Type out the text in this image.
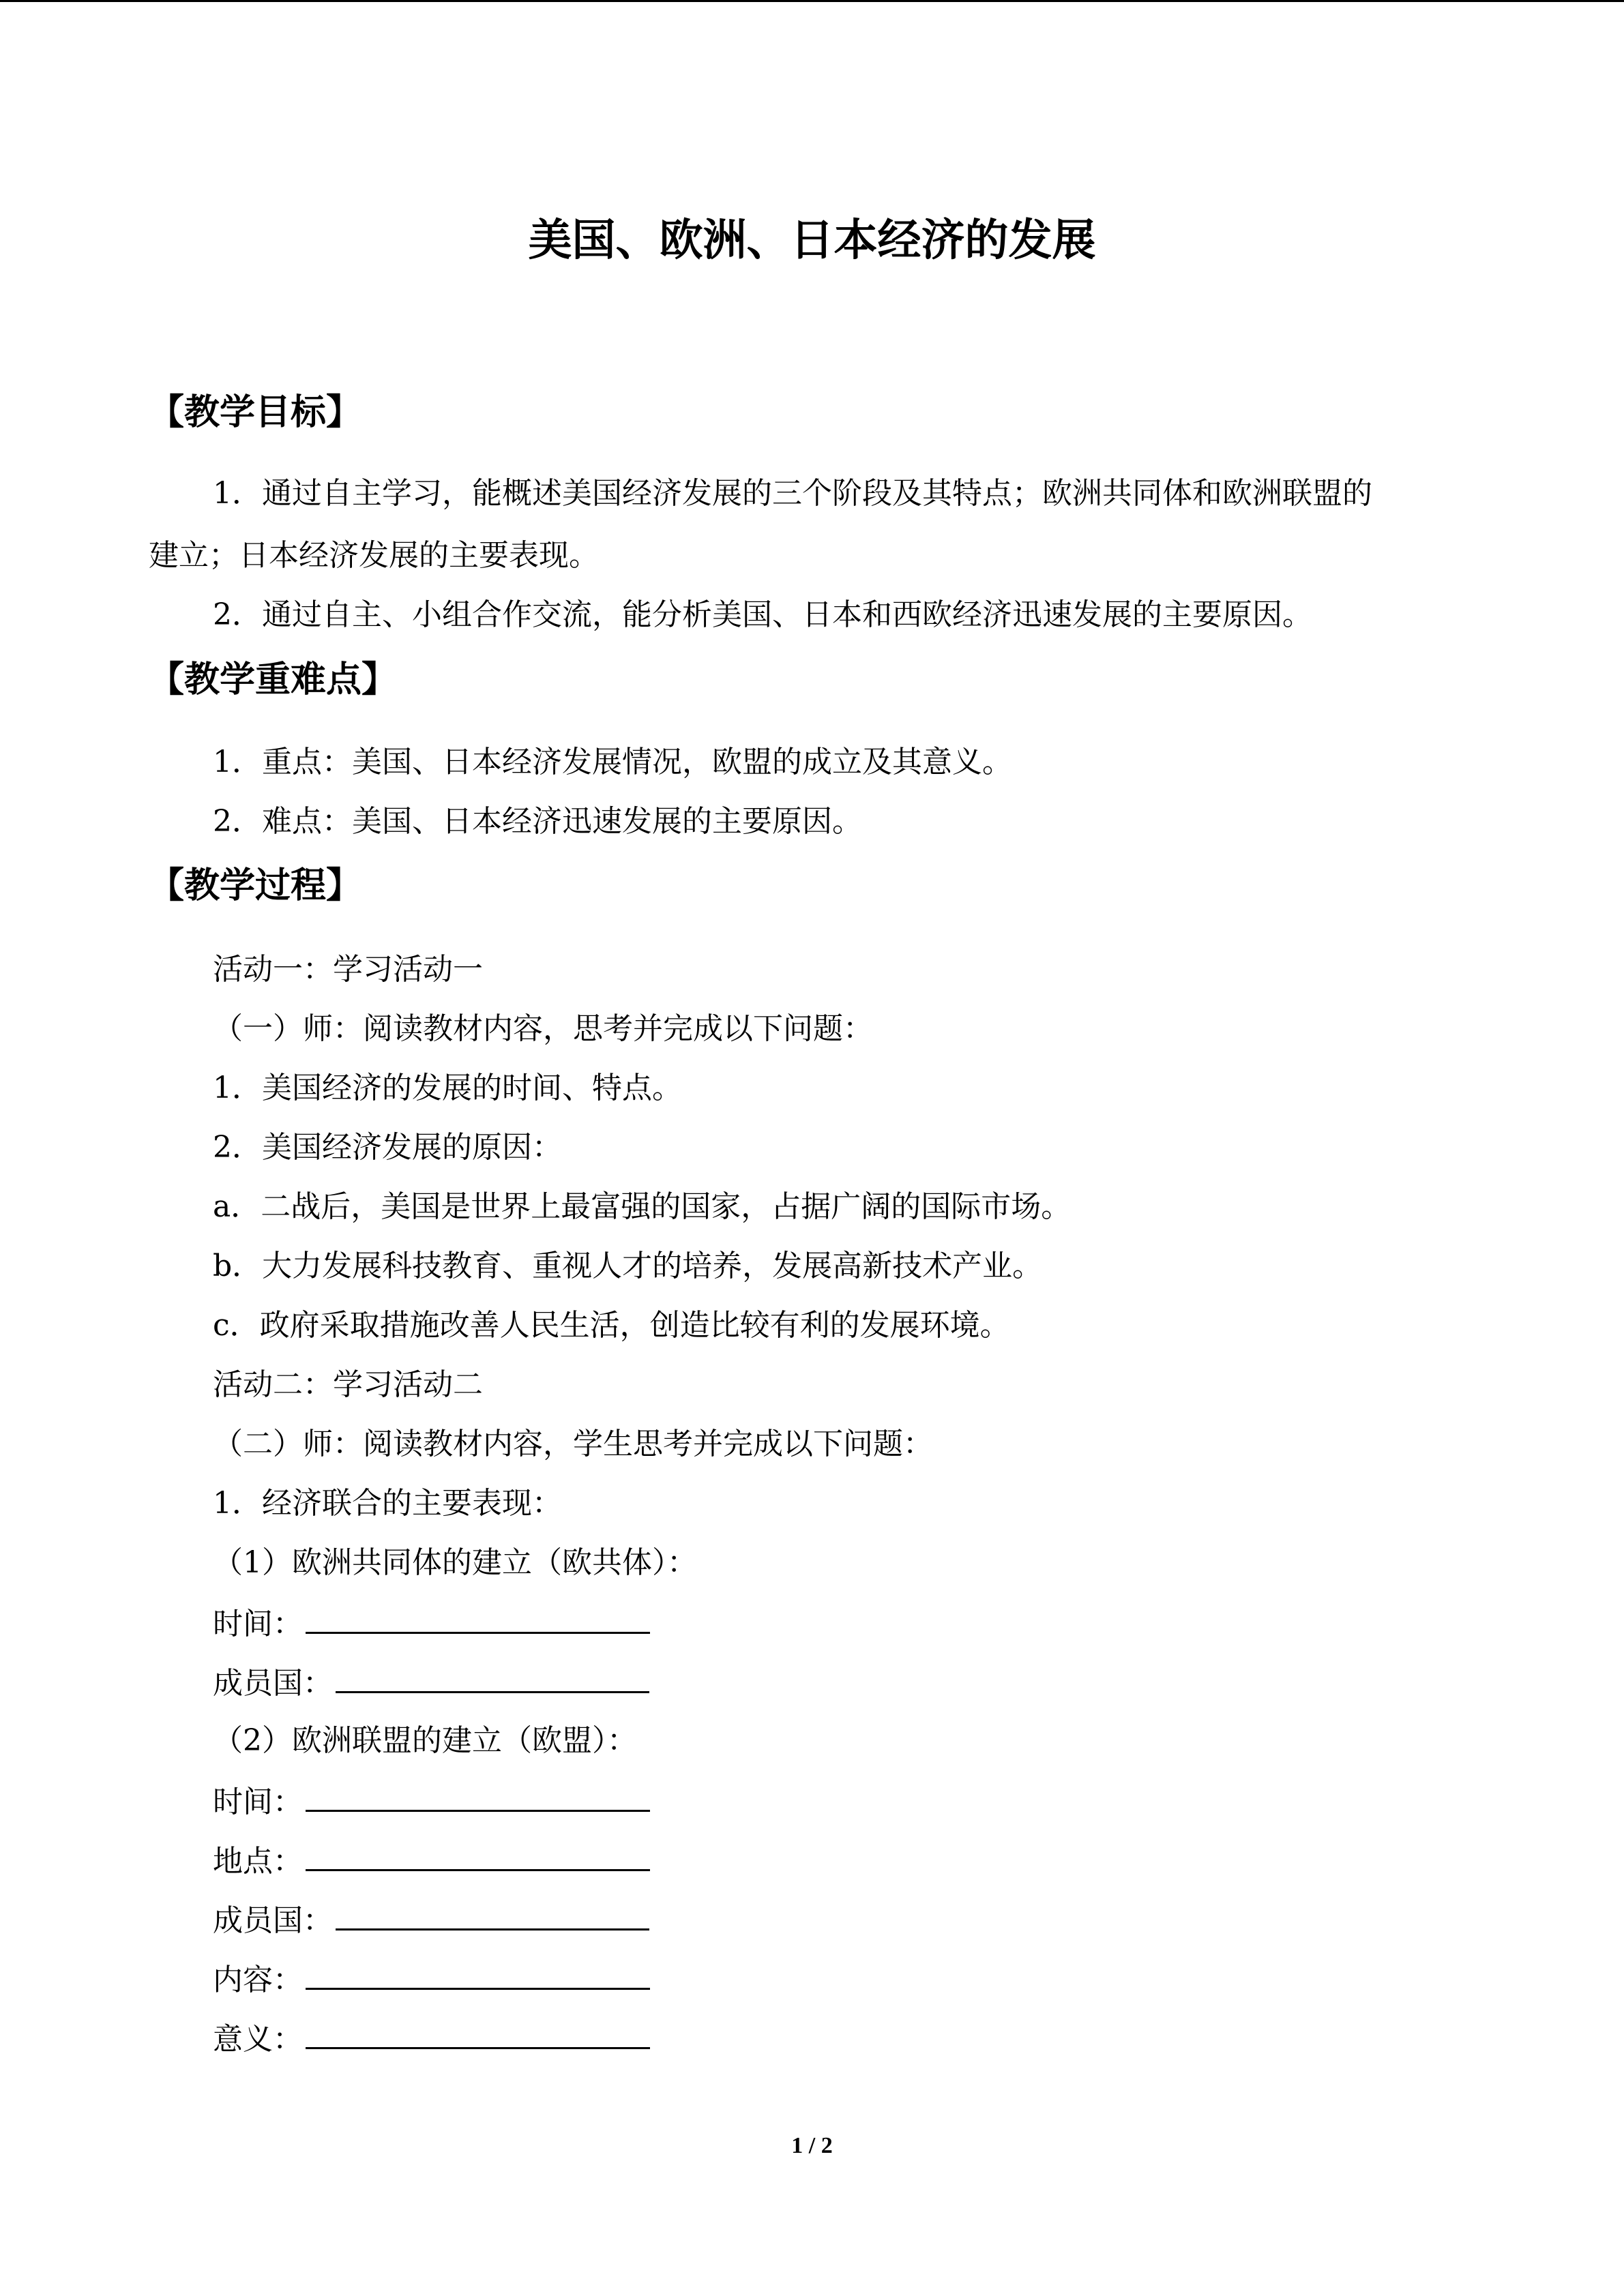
美国、欧洲、日本经济的发展
【教学目标】
1．通过自主学习，能概述美国经济发展的三个阶段及其特点；欧洲共同体和欧洲联盟的
建立；日本经济发展的主要表现。
2．通过自主、小组合作交流，能分析美国、日本和西欧经济迅速发展的主要原因。
【教学重难点】
1．重点：美国、日本经济发展情况，欧盟的成立及其意义。
2．难点：美国、日本经济迅速发展的主要原因。
【教学过程】
活动一：学习活动一
（一）师：阅读教材内容，思考并完成以下问题：
1．美国经济的发展的时间、特点。
2．美国经济发展的原因：
a．二战后，美国是世界上最富强的国家，占据广阔的国际市场。
b．大力发展科技教育、重视人才的培养，发展高新技术产业。
c．政府采取措施改善人民生活，创造比较有利的发展环境。
活动二：学习活动二
（二）师：阅读教材内容，学生思考并完成以下问题：
1．经济联合的主要表现：
（1）欧洲共同体的建立（欧共体）：
时间：
成员国：
（2）欧洲联盟的建立（欧盟）：
时间：
地点：
成员国：
内容：
意义：
1 / 2
